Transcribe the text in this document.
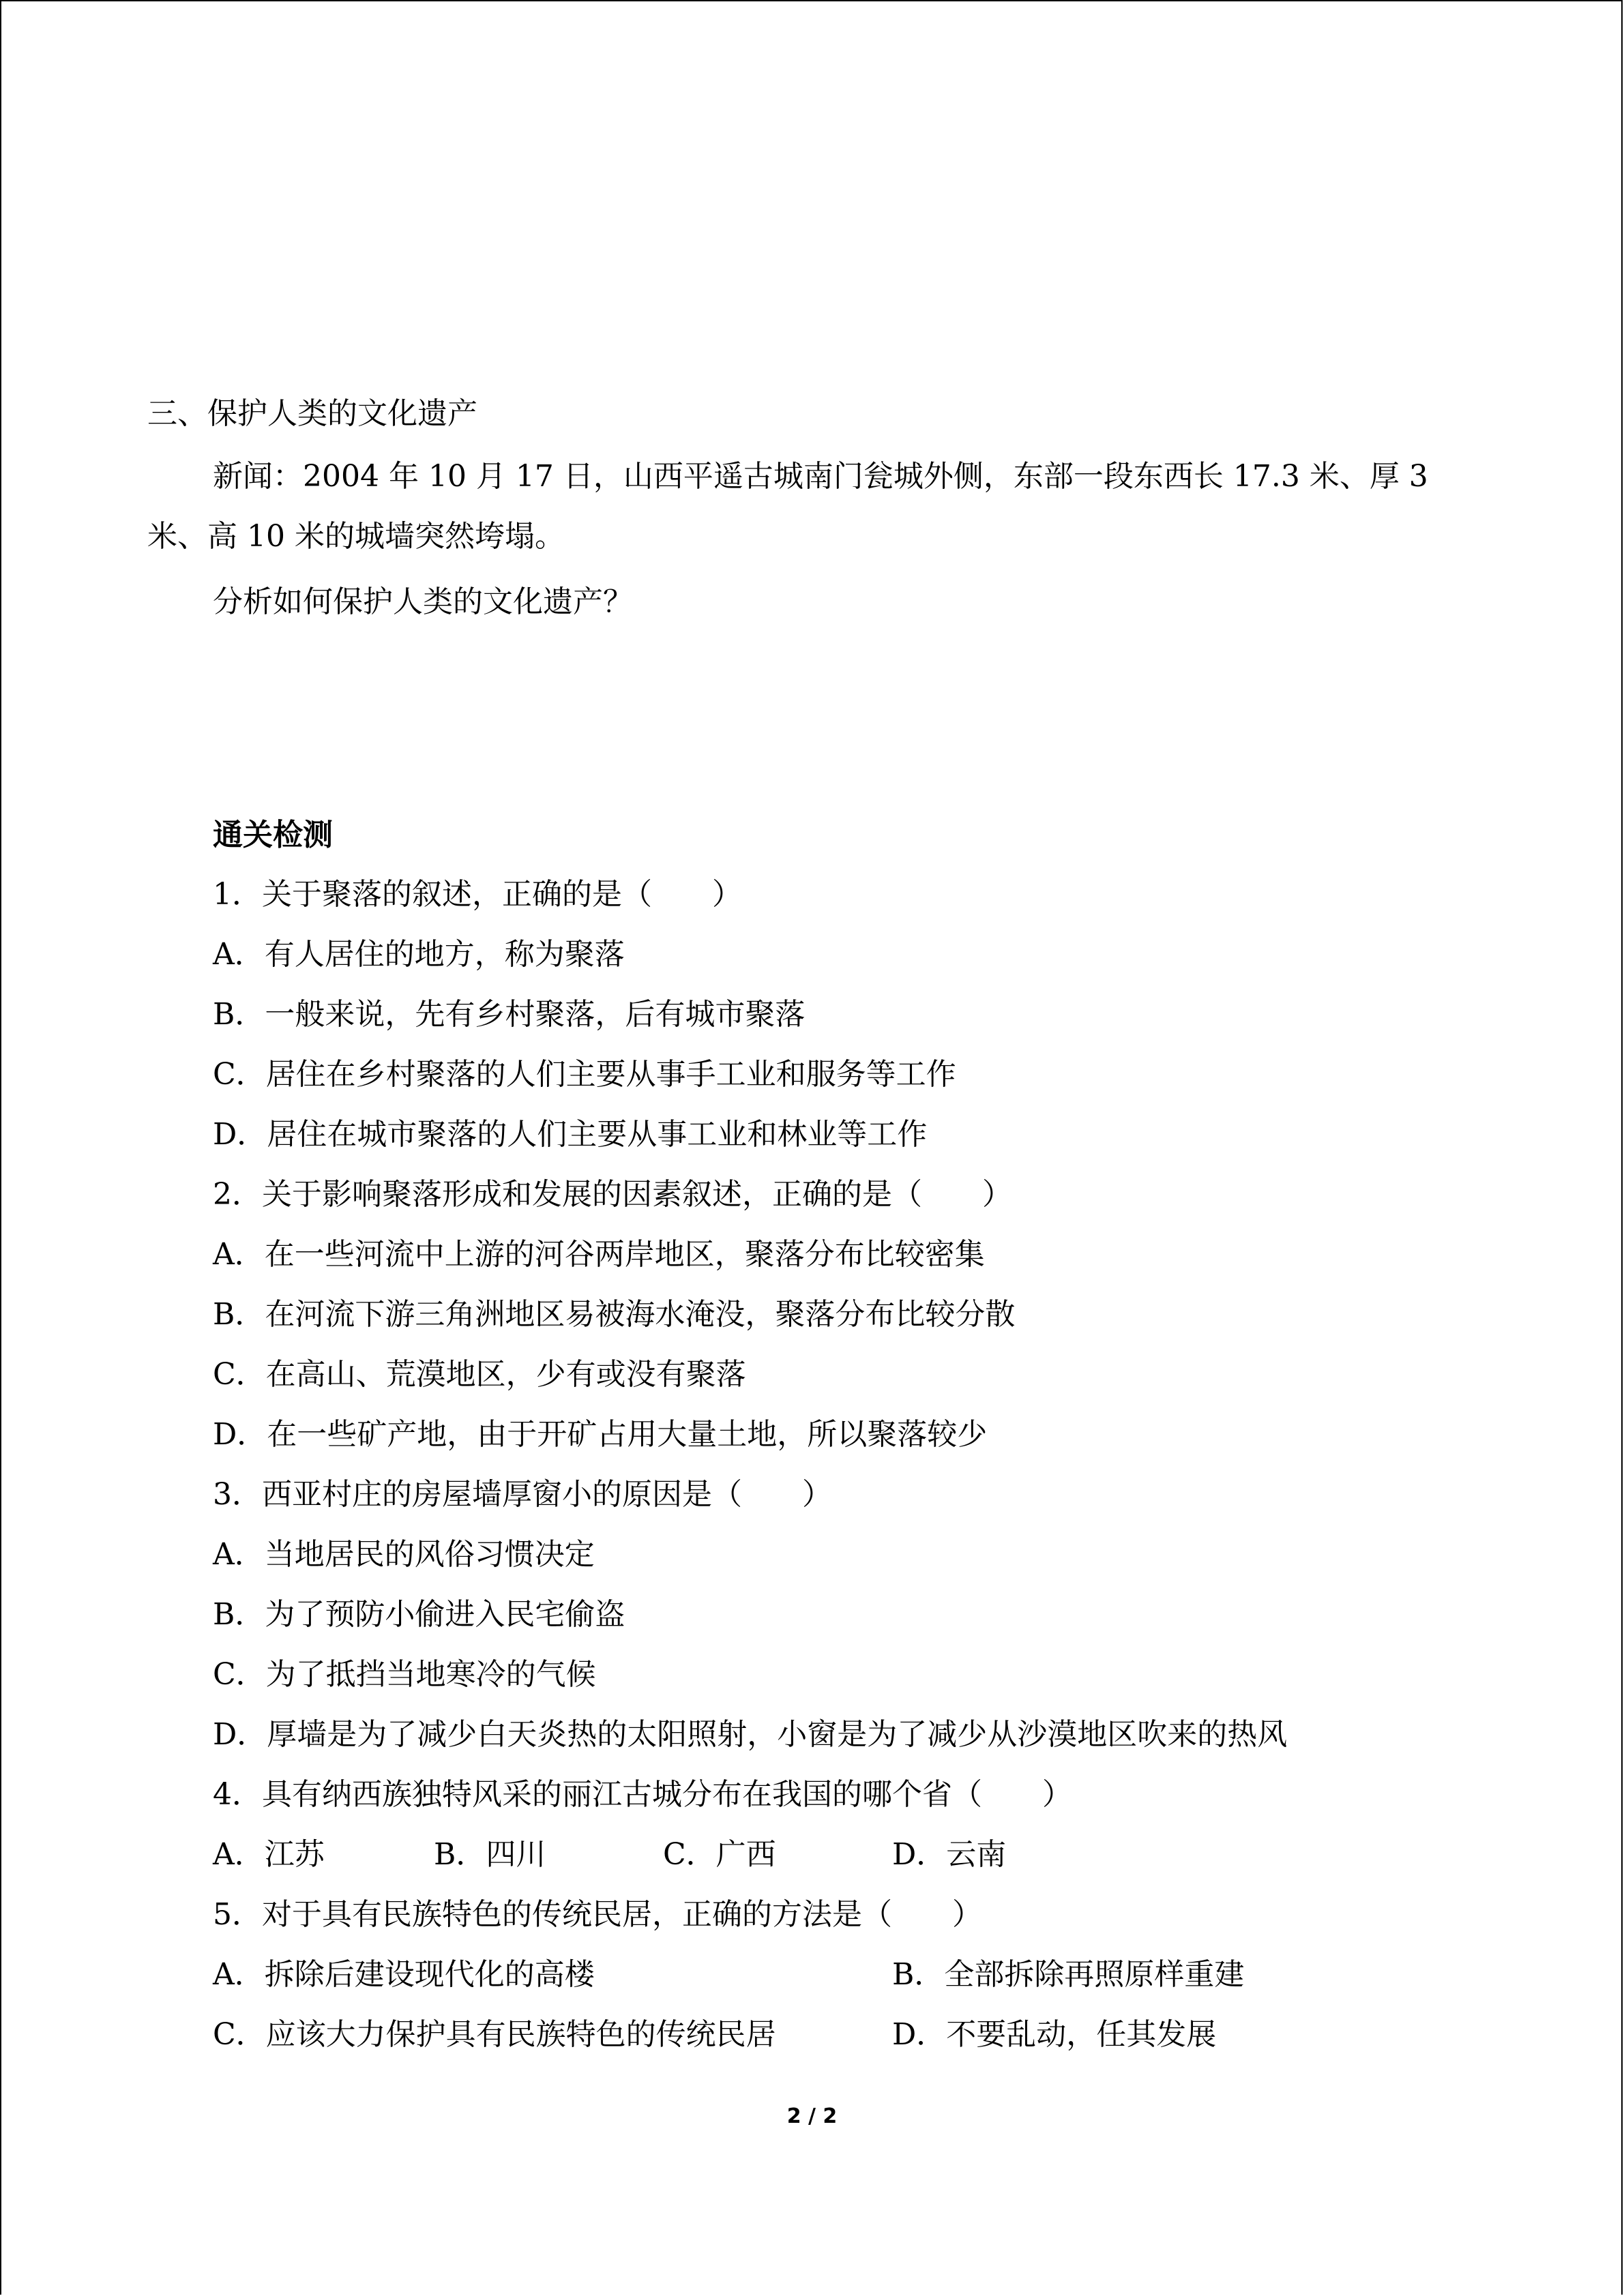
三、保护人类的文化遗产
新闻：2004 年 10 月 17 日，山西平遥古城南门瓮城外侧，东部一段东西长 17.3 米、厚 3
米、高 10 米的城墙突然垮塌。
分析如何保护人类的文化遗产？
通关检测
1．关于聚落的叙述，正确的是（　　）
A．有人居住的地方，称为聚落
B．一般来说，先有乡村聚落，后有城市聚落
C．居住在乡村聚落的人们主要从事手工业和服务等工作
D．居住在城市聚落的人们主要从事工业和林业等工作
2．关于影响聚落形成和发展的因素叙述，正确的是（　　）
A．在一些河流中上游的河谷两岸地区，聚落分布比较密集
B．在河流下游三角洲地区易被海水淹没，聚落分布比较分散
C．在高山、荒漠地区，少有或没有聚落
D．在一些矿产地，由于开矿占用大量土地，所以聚落较少
3．西亚村庄的房屋墙厚窗小的原因是（　　）
A．当地居民的风俗习惯决定
B．为了预防小偷进入民宅偷盗
C．为了抵挡当地寒冷的气候
D．厚墙是为了减少白天炎热的太阳照射，小窗是为了减少从沙漠地区吹来的热风
4．具有纳西族独特风采的丽江古城分布在我国的哪个省（　　）
A．江苏	B．四川	C．广西	D．云南
5．对于具有民族特色的传统民居，正确的方法是（　　）
A．拆除后建设现代化的高楼	B．全部拆除再照原样重建
C．应该大力保护具有民族特色的传统民居	D．不要乱动，任其发展
2 / 2
